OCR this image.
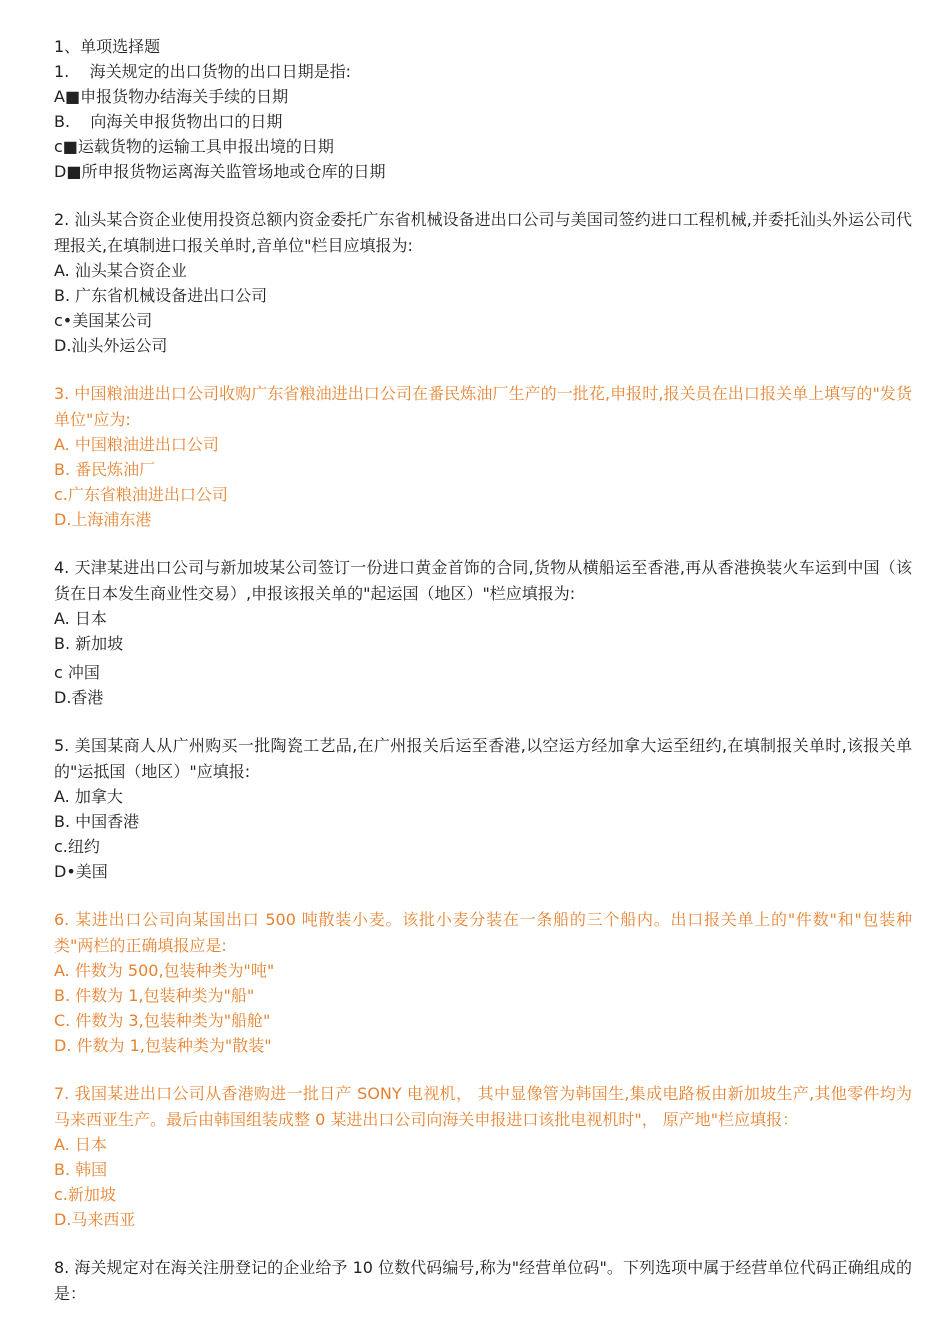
1、单项选择题
1.    海关规定的出口货物的出口日期是指:
A■申报货物办结海关手续的日期
B.    向海关申报货物出口的日期
c■运载货物的运输工具申报出境的日期
D■所申报货物运离海关监管场地或仓库的日期
2. 汕头某合资企业使用投资总额内资金委托广东省机械设备进出口公司与美国司签约进口工程机械,并委托汕头外运公司代理报关,在填制进口报关单时,音单位"栏目应填报为:
A. 汕头某合资企业
B. 广东省机械设备进出口公司
c•美国某公司
D.汕头外运公司
3. 中国粮油进出口公司收购广东省粮油进出口公司在番民炼油厂生产的一批花,申报时,报关员在出口报关单上填写的"发货单位"应为:
A. 中国粮油进出口公司
B. 番民炼油厂
c.广东省粮油进出口公司
D.上海浦东港
4. 天津某进出口公司与新加坡某公司签订一份进口黄金首饰的合同,货物从横船运至香港,再从香港换装火车运到中国（该货在日本发生商业性交易）,申报该报关单的"起运国（地区）"栏应填报为:
A. 日本
B. 新加坡
c 冲国
D.香港
5. 美国某商人从广州购买一批陶瓷工艺品,在广州报关后运至香港,以空运方经加拿大运至纽约,在填制报关单时,该报关单的"运抵国（地区）"应填报:
A. 加拿大
B. 中国香港
c.纽约
D•美国
6. 某进出口公司向某国出口 500 吨散装小麦。该批小麦分装在一条船的三个船内。出口报关单上的"件数"和"包装种类"两栏的正确填报应是:
A. 件数为 500,包装种类为"吨"
B. 件数为 1,包装种类为"船"
C. 件数为 3,包装种类为"船舱"
D. 件数为 1,包装种类为"散装"
7. 我国某进出口公司从香港购进一批日产 SONY 电视机， 其中显像管为韩国生,集成电路板由新加坡生产,其他零件均为马来西亚生产。最后由韩国组装成整 0 某进出口公司向海关申报进口该批电视机时"， 原产地"栏应填报：
A. 日本
B. 韩国
c.新加坡
D.马来西亚
8. 海关规定对在海关注册登记的企业给予 10 位数代码编号,称为"经营单位码"。下列选项中属于经营单位代码正确组成的是：
